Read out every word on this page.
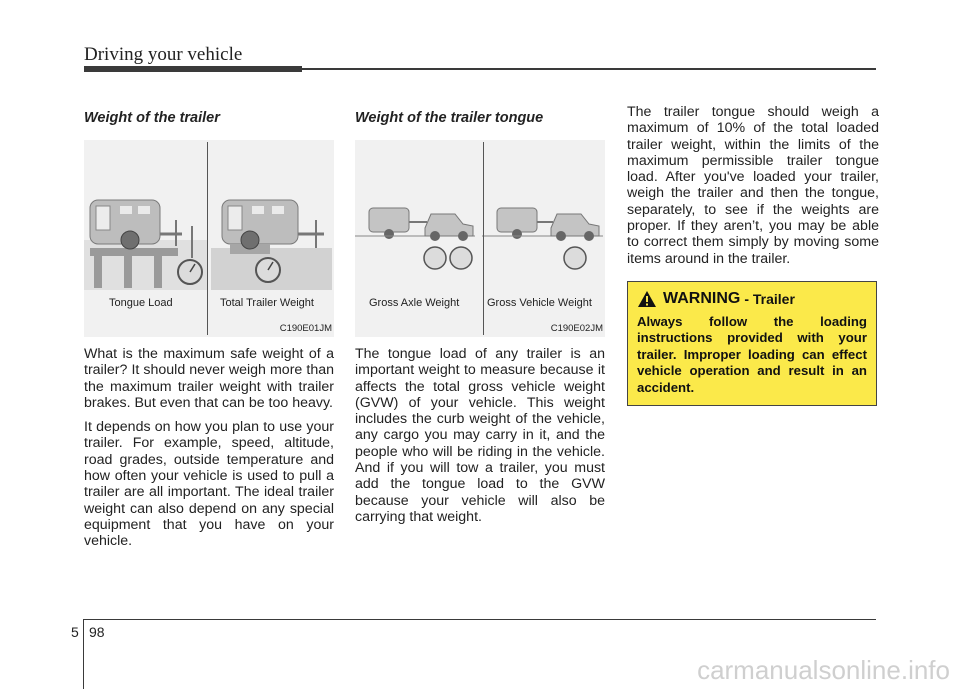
Driving your vehicle
Weight of the trailer
Tongue Load	Total Trailer Weight
C190E01JM

What is the maximum safe weight of a trailer? It should never weigh more than the maximum trailer weight with trailer brakes. But even that can be too heavy.

It depends on how you plan to use your trailer. For example, speed, altitude, road grades, outside temperature and how often your vehicle is used to pull a trailer are all important. The ideal trailer weight can also depend on any special equipment that you have on your vehicle.

Weight of the trailer tongue
Gross Axle Weight	Gross Vehicle Weight
C190E02JM

The tongue load of any trailer is an important weight to measure because it affects the total gross vehicle weight (GVW) of your vehicle. This weight includes the curb weight of the vehicle, any cargo you may carry in it, and the people who will be riding in the vehicle. And if you will tow a trailer, you must add the tongue load to the GVW because your vehicle will also be carrying that weight.

The trailer tongue should weigh a maximum of 10% of the total loaded trailer weight, within the limits of the maximum permissible trailer tongue load. After you've loaded your trailer, weigh the trailer and then the tongue, separately, to see if the weights are proper. If they aren’t, you may be able to correct them simply by moving some items around in the trailer.

WARNING - Trailer
Always follow the loading instructions provided with your trailer. Improper loading can effect vehicle operation and result in an accident.
5 98
carmanualsonline.info
